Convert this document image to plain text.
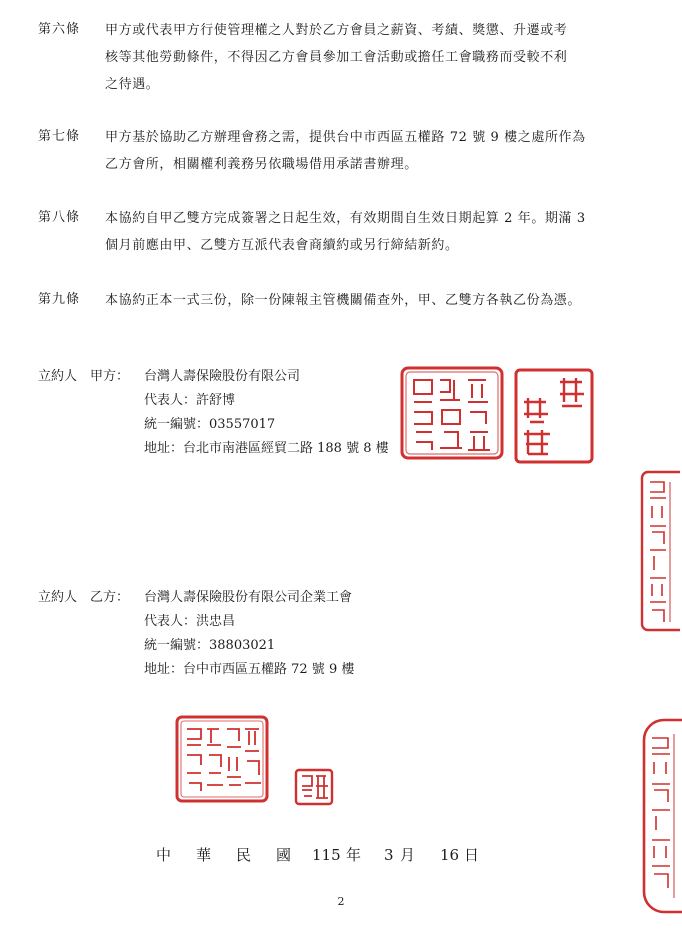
第六條 甲方或代表甲方行使管理權之人對於乙方會員之薪資、考績、獎懲、升遷或考
核等其他勞動條件，不得因乙方會員參加工會活動或擔任工會職務而受較不利
之待遇。
第七條 甲方基於協助乙方辦理會務之需，提供台中市西區五權路 72 號 9 樓之處所作為
乙方會所，相關權利義務另依職場借用承諾書辦理。
第八條 本協約自甲乙雙方完成簽署之日起生效，有效期間自生效日期起算 2 年。期滿 3
個月前應由甲、乙雙方互派代表會商續約或另行締結新約。
第九條 本協約正本一式三份，除一份陳報主管機關備查外，甲、乙雙方各執乙份為憑。
立約人　甲方： 台灣人壽保險股份有限公司
代表人：許舒博
統一編號：03557017
地址：台北市南港區經貿二路 188 號 8 樓
立約人　乙方： 台灣人壽保險股份有限公司企業工會
代表人：洪忠昌
統一編號：38803021
地址：台中市西區五權路 72 號 9 樓
中 華 民 國 115 年 3 月 16 日
2
